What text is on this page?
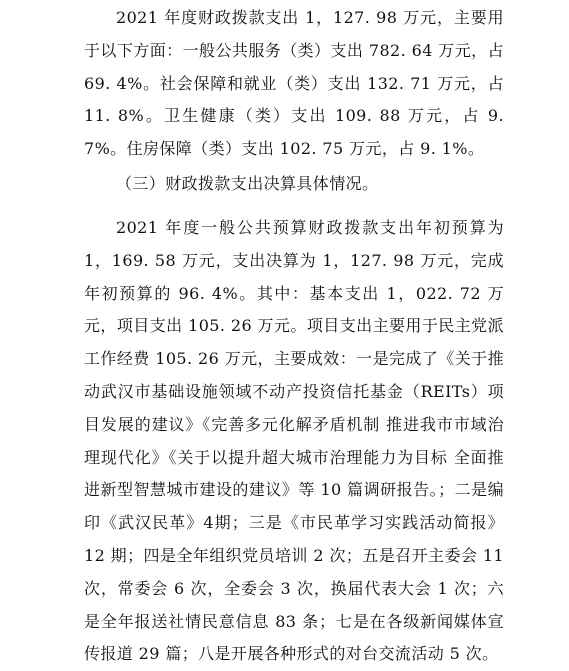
2021 年度财政拨款支出 1，127. 98 万元，主要用于以下方面：一般公共服务（类）支出 782. 64 万元，占 69. 4%。社会保障和就业（类）支出 132. 71 万元，占 11. 8%。卫生健康（类）支出 109. 88 万元，占 9. 7%。住房保障（类）支出 102. 75 万元，占 9. 1%。

（三）财政拨款支出决算具体情况。

2021 年度一般公共预算财政拨款支出年初预算为 1，169. 58 万元，支出决算为 1，127. 98 万元，完成年初预算的 96. 4%。其中：基本支出 1，022. 72 万元，项目支出 105. 26 万元。项目支出主要用于民主党派工作经费 105. 26 万元，主要成效：一是完成了《关于推动武汉市基础设施领域不动产投资信托基金（REITs）项目发展的建议》《完善多元化解矛盾机制 推进我市市域治理现代化》《关于以提升超大城市治理能力为目标 全面推进新型智慧城市建设的建议》等 10 篇调研报告。；二是编印《武汉民革》4期；三是《市民革学习实践活动简报》12 期；四是全年组织党员培训 2 次；五是召开主委会 11 次，常委会 6 次，全委会 3 次，换届代表大会 1 次；六是全年报送社情民意信息 83 条；七是在各级新闻媒体宣传报道 29 篇；八是开展各种形式的对台交流活动 5 次。
